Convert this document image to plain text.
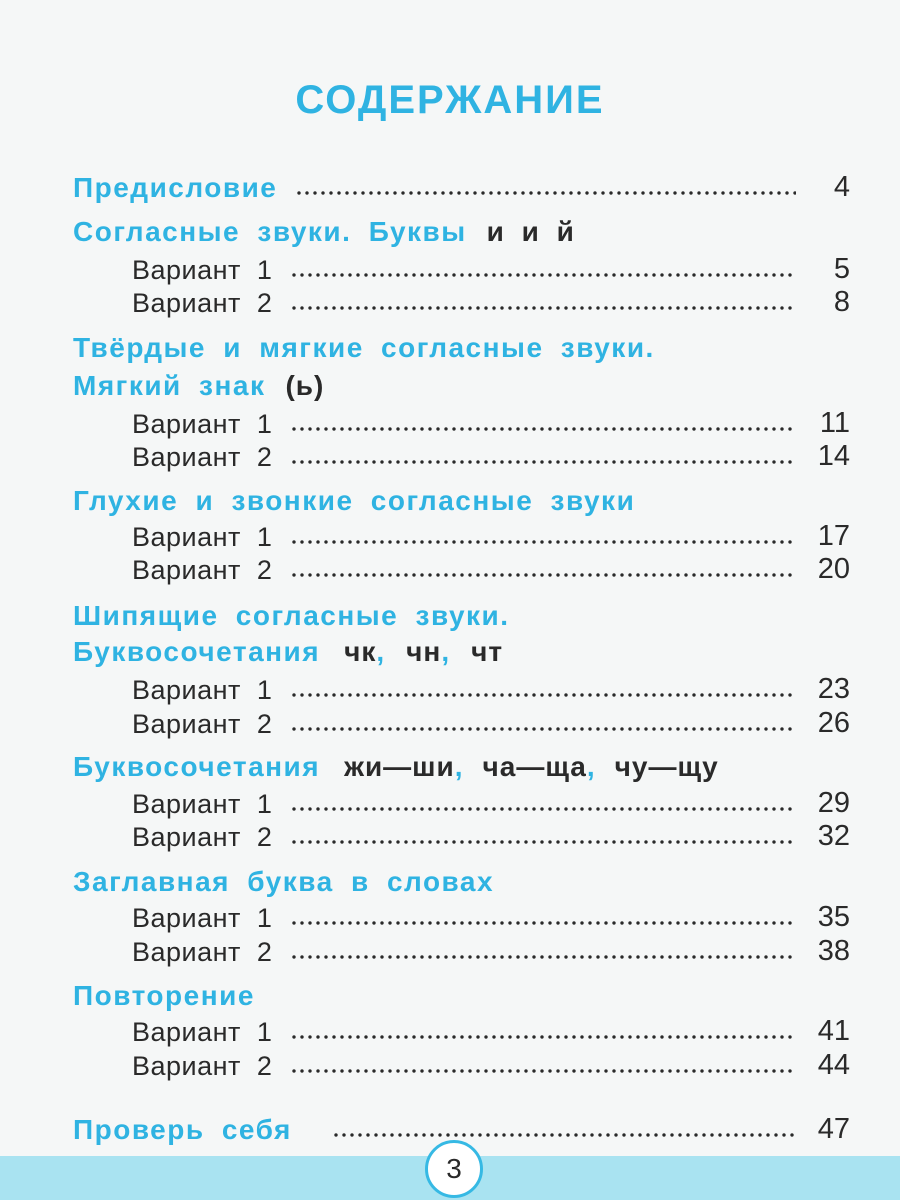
СОДЕРЖАНИЕ
Предисловие	4
Согласные звуки. Буквы и и й
Вариант 1	5
Вариант 2	8
Твёрдые и мягкие согласные звуки.
Мягкий знак (ь)
Вариант 1	11
Вариант 2	14
Глухие и звонкие согласные звуки
Вариант 1	17
Вариант 2	20
Шипящие согласные звуки.
Буквосочетания чк , чн , чт
Вариант 1	23
Вариант 2	26
Буквосочетания жи—ши , ча—ща , чу—щу
Вариант 1	29
Вариант 2	32
Заглавная буква в словах
Вариант 1	35
Вариант 2	38
Повторение
Вариант 1	41
Вариант 2	44
Проверь себя	47
3
